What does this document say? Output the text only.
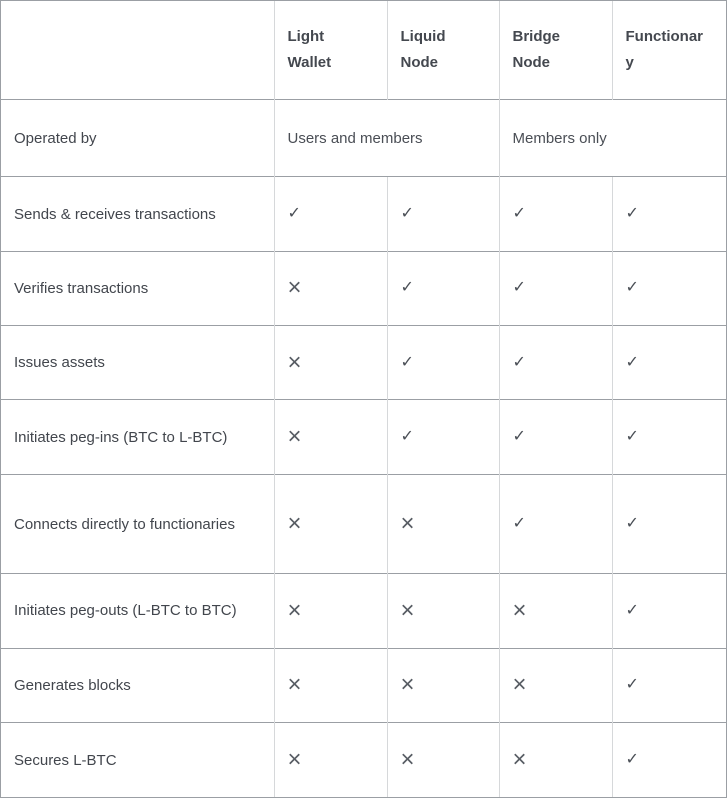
	Light Wallet	Liquid Node	Bridge Node	Functionary

Operated by	Users and members		Members only	
Sends & receives transactions	✓	✓	✓	✓
Verifies transactions	×	✓	✓	✓
Issues assets	×	✓	✓	✓
Initiates peg-ins (BTC to L-BTC)	×	✓	✓	✓
Connects directly to functionaries	×	×	✓	✓
Initiates peg-outs (L-BTC to BTC)	×	×	×	✓
Generates blocks	×	×	×	✓
Secures L-BTC	×	×	×	✓
